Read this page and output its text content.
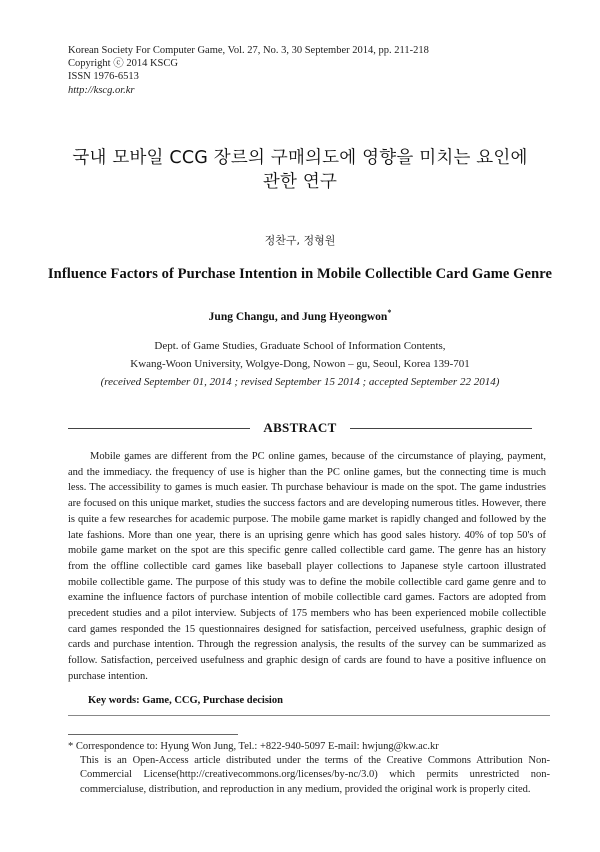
Korean Society For Computer Game, Vol. 27, No. 3, 30 September 2014, pp. 211-218
Copyright ⓒ 2014 KSCG
ISSN 1976-6513
http://kscg.or.kr
국내 모바일 CCG 장르의 구매의도에 영향을 미치는 요인에
관한 연구
정찬구, 정형원
Influence Factors of Purchase Intention in Mobile Collectible Card Game Genre
Jung Changu, and Jung Hyeongwon*
Dept. of Game Studies, Graduate School of Information Contents,
Kwang-Woon University, Wolgye-Dong, Nowon – gu, Seoul, Korea 139-701
(received September 01, 2014 ; revised September 15 2014 ; accepted September 22 2014)
ABSTRACT
Mobile games are different from the PC online games, because of the circumstance of playing, payment, and the immediacy. the frequency of use is higher than the PC online games, but the connecting time is much less. The accessibility to games is much easier. Th purchase behaviour is made on the spot. The game industries are focused on this unique market, studies the success factors and are developing numerous titles. However, there is quite a few researches for academic purpose. The mobile game market is rapidly changed and followed by the late fashions. More than one year, there is an uprising genre which has good sales history. 40% of top 50's of mobile game market on the spot are this specific genre called collectible card game. The genre has an history from the offline collectible card games like baseball player collections to Japanese style cartoon illustrated mobile collectible game. The purpose of this study was to define the mobile collectible card game genre and to examine the influence factors of purchase intention of mobile collectible card games. Factors are adopted from precedent studies and a pilot interview. Subjects of 175 members who has been experienced mobile collectible card games responded the 15 questionnaires designed for satisfaction, perceived usefulness, graphic design of cards and purchase intention. Through the regression analysis, the results of the survey can be summarized as follow. Satisfaction, perceived usefulness and graphic design of cards are found to have a positive influence on purchase intention.
Key words: Game, CCG, Purchase decision
* Correspondence to: Hyung Won Jung, Tel.: +822-940-5097 E-mail: hwjung@kw.ac.kr
This is an Open-Access article distributed under the terms of the Creative Commons Attribution Non-Commercial License(http://creativecommons.org/licenses/by-nc/3.0) which permits unrestricted non-commercialuse, distribution, and reproduction in any medium, provided the original work is properly cited.
